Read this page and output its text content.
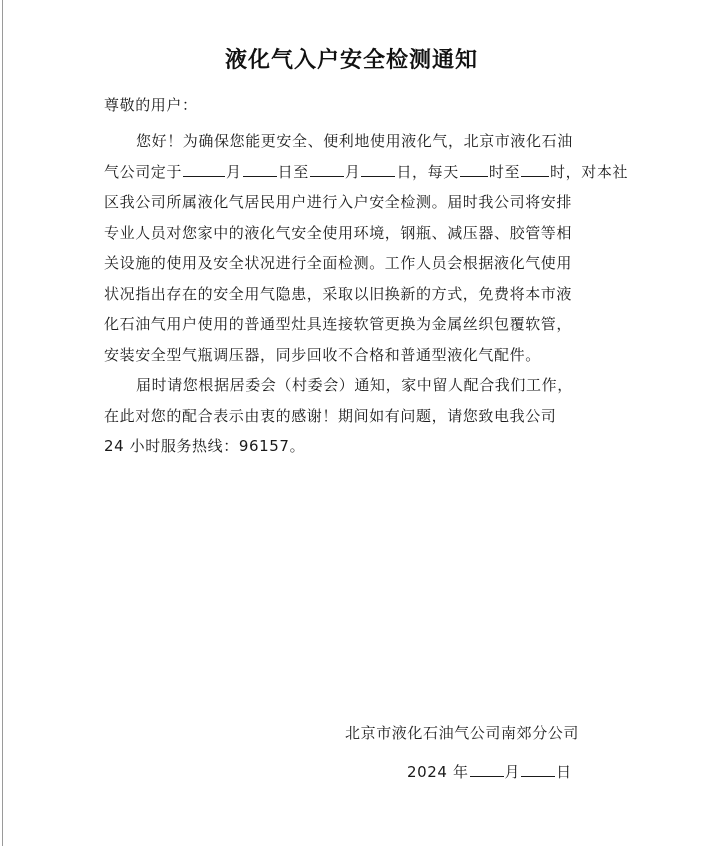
液化气入户安全检测通知
尊敬的用户：
您好！为确保您能更安全、便利地使用液化气，北京市液化石油
气公司定于	月 日至 月 日，每天 时至 时，对本社
区我公司所属液化气居民用户进行入户安全检测。届时我公司将安排
专业人员对您家中的液化气安全使用环境，钢瓶、减压器、胶管等相
关设施的使用及安全状况进行全面检测。工作人员会根据液化气使用
状况指出存在的安全用气隐患，采取以旧换新的方式，免费将本市液
化石油气用户使用的普通型灶具连接软管更换为金属丝织包覆软管，
安装安全型气瓶调压器，同步回收不合格和普通型液化气配件。
届时请您根据居委会（村委会）通知，家中留人配合我们工作，
在此对您的配合表示由衷的感谢！期间如有问题，请您致电我公司
24 小时服务热线：96157。
北京市液化石油气公司南郊分公司
2024 年 月 日
